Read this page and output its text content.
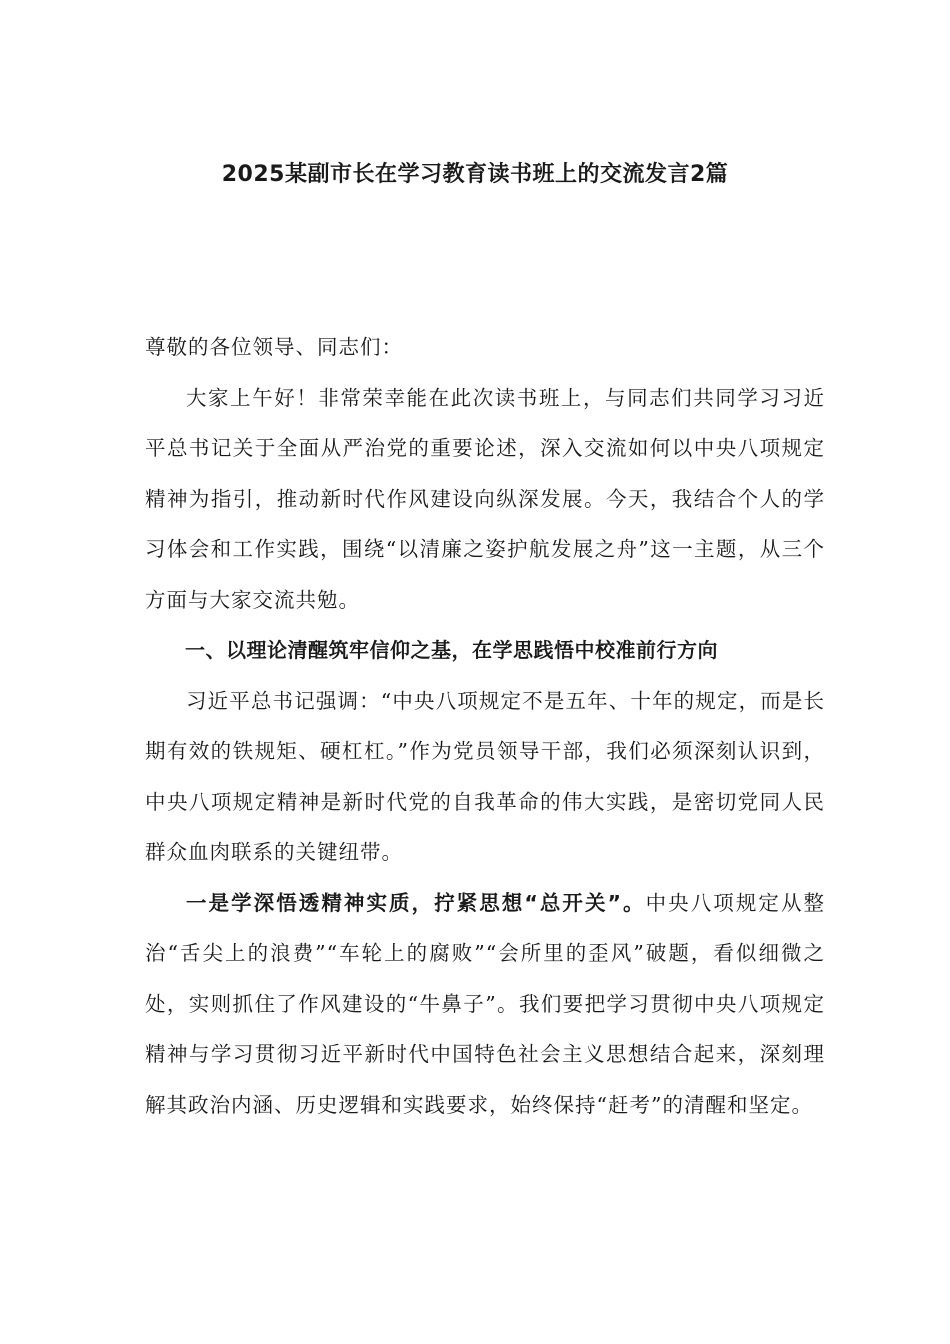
2025某副市长在学习教育读书班上的交流发言2篇

尊敬的各位领导、同志们：

大家上午好！非常荣幸能在此次读书班上，与同志们共同学习习近平总书记关于全面从严治党的重要论述，深入交流如何以中央八项规定精神为指引，推动新时代作风建设向纵深发展。今天，我结合个人的学习体会和工作实践，围绕“以清廉之姿护航发展之舟”这一主题，从三个方面与大家交流共勉。

一、以理论清醒筑牢信仰之基，在学思践悟中校准前行方向

习近平总书记强调：“中央八项规定不是五年、十年的规定，而是长期有效的铁规矩、硬杠杠。”作为党员领导干部，我们必须深刻认识到，中央八项规定精神是新时代党的自我革命的伟大实践，是密切党同人民群众血肉联系的关键纽带。

一是学深悟透精神实质，拧紧思想“总开关”。中央八项规定从整治“舌尖上的浪费”“车轮上的腐败”“会所里的歪风”破题，看似细微之处，实则抓住了作风建设的“牛鼻子”。我们要把学习贯彻中央八项规定精神与学习贯彻习近平新时代中国特色社会主义思想结合起来，深刻理解其政治内涵、历史逻辑和实践要求，始终保持“赶考”的清醒和坚定。
